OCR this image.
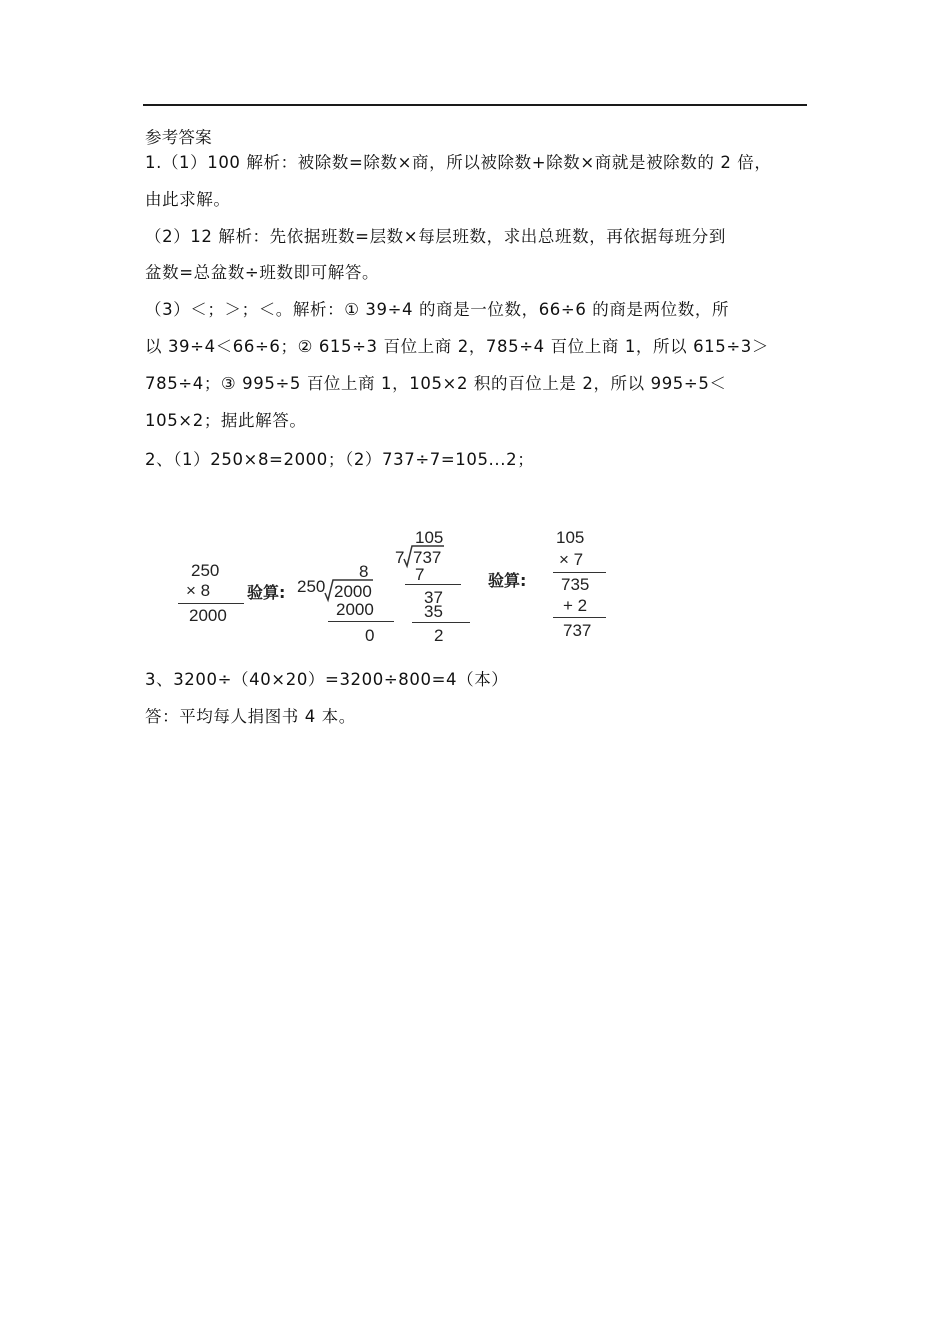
参考答案
1.（1）100 解析：被除数=除数×商，所以被除数+除数×商就是被除数的 2 倍，
由此求解。
（2）12 解析：先依据班数=层数×每层班数，求出总班数，再依据每班分到
盆数=总盆数÷班数即可解答。
（3）＜；＞；＜。解析：① 39÷4 的商是一位数，66÷6 的商是两位数，所
以 39÷4＜66÷6；② 615÷3 百位上商 2，785÷4 百位上商 1，所以 615÷3＞
785÷4；③ 995÷5 百位上商 1，105×2 积的百位上是 2，所以 995÷5＜
105×2；据此解答。
2、（1）250×8=2000；（2）737÷7=105...2；
250
× 8
2000
验算:
8
250 2000
2000
0
105
7 737
7
37
35
2
验算:
105
× 7
735
+ 2
737
3、3200÷（40×20）=3200÷800=4（本）
答：平均每人捐图书 4 本。
